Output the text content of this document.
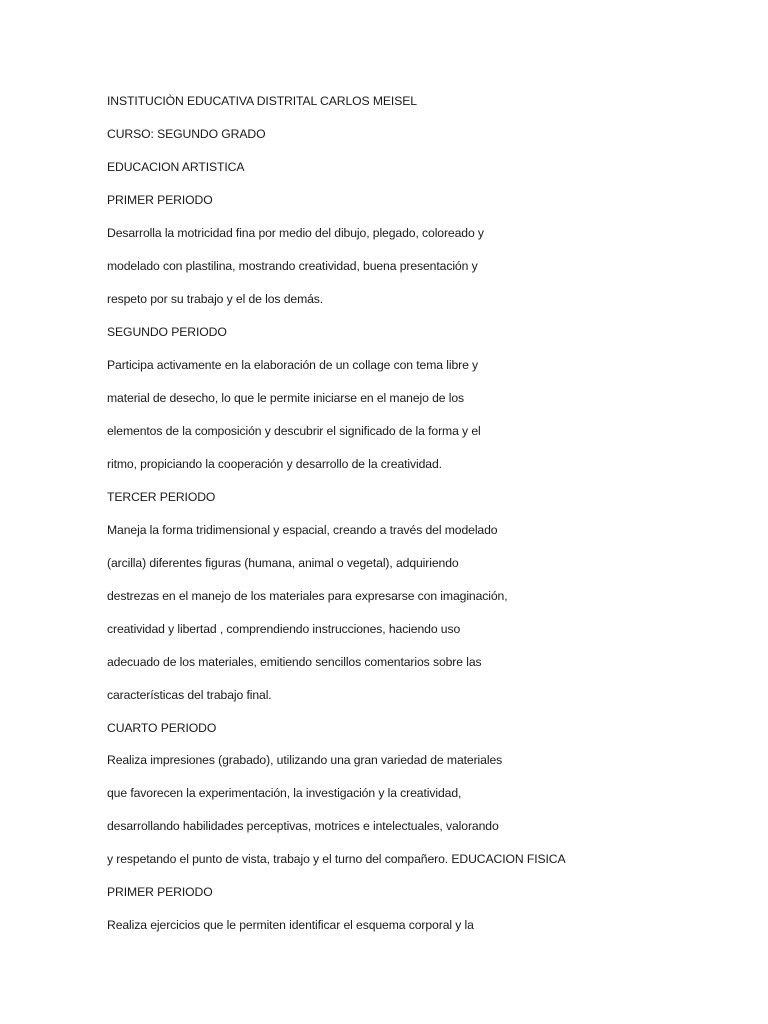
INSTITUCIÒN EDUCATIVA DISTRITAL CARLOS MEISEL

CURSO: SEGUNDO GRADO

EDUCACION ARTISTICA

PRIMER PERIODO

Desarrolla la motricidad fina por medio del dibujo, plegado, coloreado y

modelado con plastilina, mostrando creatividad, buena presentación y

respeto por su trabajo y el de los demás.

SEGUNDO PERIODO

Participa activamente en la elaboración de un collage con tema libre y

material de desecho, lo que le permite iniciarse en el manejo de los

elementos de la composición y descubrir el significado de la forma y el

ritmo, propiciando la cooperación y desarrollo de la creatividad.

TERCER PERIODO

Maneja la forma tridimensional y espacial, creando a través del modelado

(arcilla) diferentes figuras (humana, animal o vegetal), adquiriendo

destrezas en el manejo de los materiales para expresarse con imaginación,

creatividad y libertad , comprendiendo instrucciones, haciendo uso

adecuado de los materiales, emitiendo sencillos comentarios sobre las

características del trabajo final.

CUARTO PERIODO

Realiza impresiones (grabado), utilizando una gran variedad de materiales

que favorecen la experimentación, la investigación y la creatividad,

desarrollando habilidades perceptivas, motrices e intelectuales, valorando

y respetando el punto de vista, trabajo y el turno del compañero. EDUCACION FISICA

PRIMER PERIODO

Realiza ejercicios que le permiten identificar el esquema corporal y la
